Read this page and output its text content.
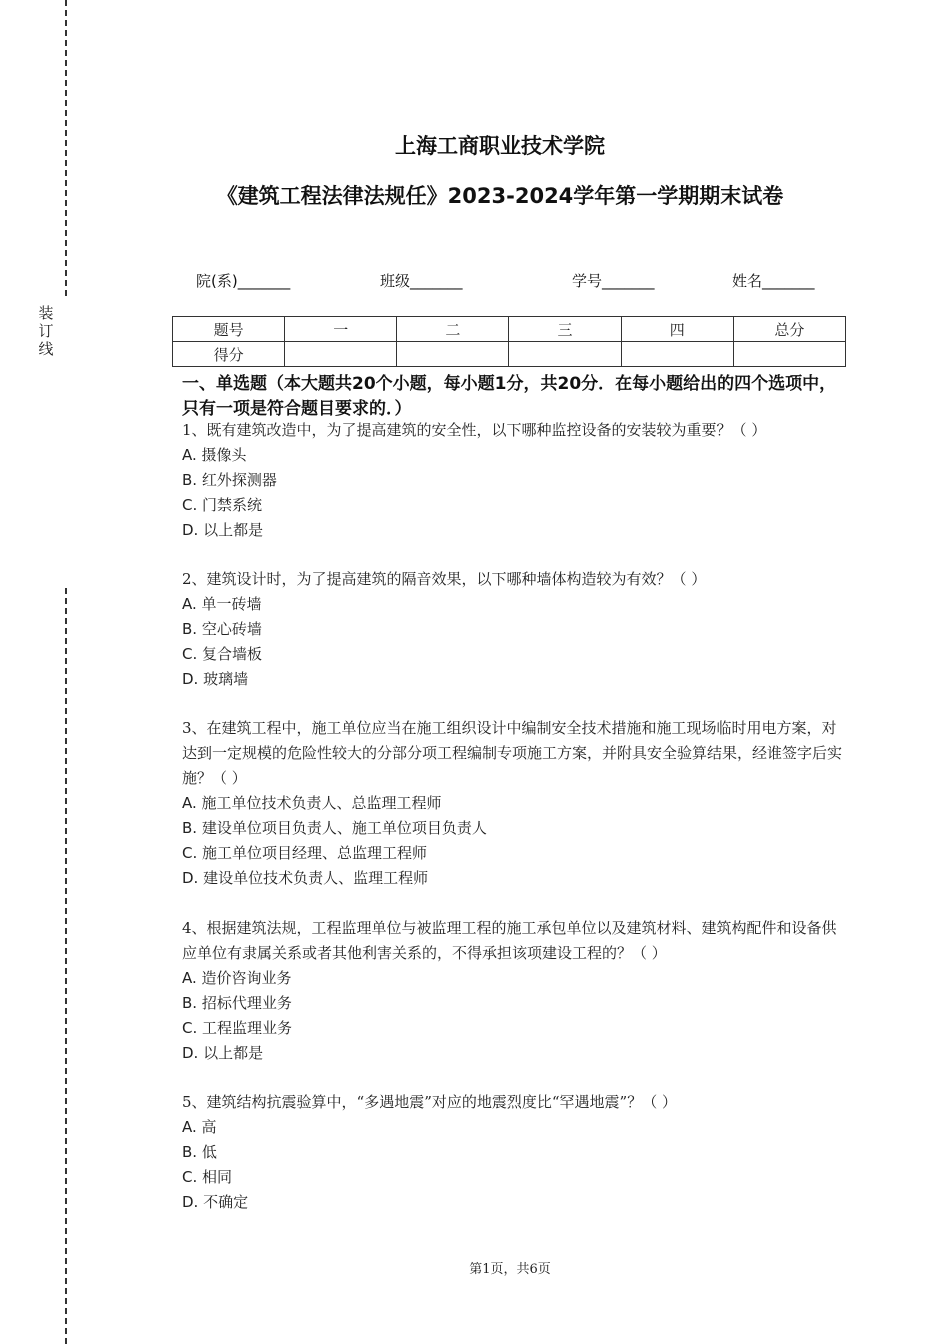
装订线
上海工商职业技术学院
《建筑工程法律法规任》2023-2024学年第一学期期末试卷
院(系)_______	班级_______	学号_______	姓名_______
题号	一	二	三	四	总分
得分					
一、单选题（本大题共20个小题，每小题1分，共20分．在每小题给出的四个选项中，只有一项是符合题目要求的．）

1、既有建筑改造中，为了提高建筑的安全性，以下哪种监控设备的安装较为重要？（ ）

A. 摄像头

B. 红外探测器

C. 门禁系统

D. 以上都是

2、建筑设计时，为了提高建筑的隔音效果，以下哪种墙体构造较为有效？（ ）

A. 单一砖墙

B. 空心砖墙

C. 复合墙板

D. 玻璃墙

3、在建筑工程中，施工单位应当在施工组织设计中编制安全技术措施和施工现场临时用电方案，对达到一定规模的危险性较大的分部分项工程编制专项施工方案，并附具安全验算结果，经谁签字后实施？（ ）

A. 施工单位技术负责人、总监理工程师

B. 建设单位项目负责人、施工单位项目负责人

C. 施工单位项目经理、总监理工程师

D. 建设单位技术负责人、监理工程师

4、根据建筑法规，工程监理单位与被监理工程的施工承包单位以及建筑材料、建筑构配件和设备供应单位有隶属关系或者其他利害关系的，不得承担该项建设工程的？（ ）

A. 造价咨询业务

B. 招标代理业务

C. 工程监理业务

D. 以上都是

5、建筑结构抗震验算中，“多遇地震”对应的地震烈度比“罕遇地震”？（ ）

A. 高

B. 低

C. 相同

D. 不确定

第1页，共6页
